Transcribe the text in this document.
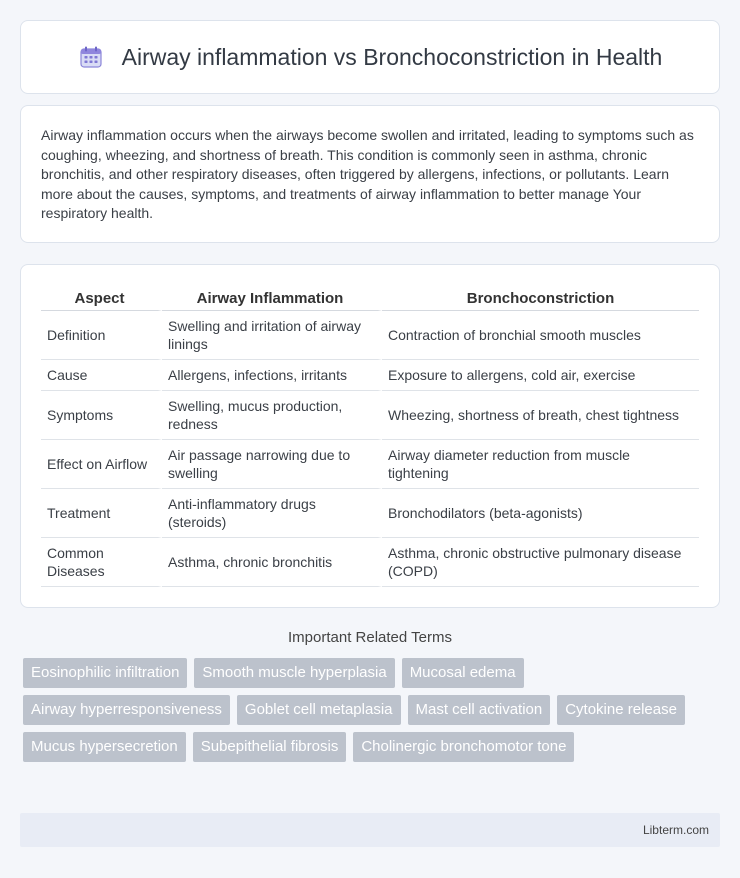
Airway inflammation vs Bronchoconstriction in Health

Airway inflammation occurs when the airways become swollen and irritated, leading to symptoms such as coughing, wheezing, and shortness of breath. This condition is commonly seen in asthma, chronic bronchitis, and other respiratory diseases, often triggered by allergens, infections, or pollutants. Learn more about the causes, symptoms, and treatments of airway inflammation to better manage Your respiratory health.

Aspect	Airway Inflammation	Bronchoconstriction
Definition	Swelling and irritation of airway linings	Contraction of bronchial smooth muscles
Cause	Allergens, infections, irritants	Exposure to allergens, cold air, exercise
Symptoms	Swelling, mucus production, redness	Wheezing, shortness of breath, chest tightness
Effect on Airflow	Air passage narrowing due to swelling	Airway diameter reduction from muscle tightening
Treatment	Anti-inflammatory drugs (steroids)	Bronchodilators (beta-agonists)
Common Diseases	Asthma, chronic bronchitis	Asthma, chronic obstructive pulmonary disease (COPD)
Important Related Terms
Eosinophilic infiltration	Smooth muscle hyperplasia	Mucosal edema
Airway hyperresponsiveness	Goblet cell metaplasia	Mast cell activation	Cytokine release
Mucus hypersecretion	Subepithelial fibrosis	Cholinergic bronchomotor tone
Libterm.com
